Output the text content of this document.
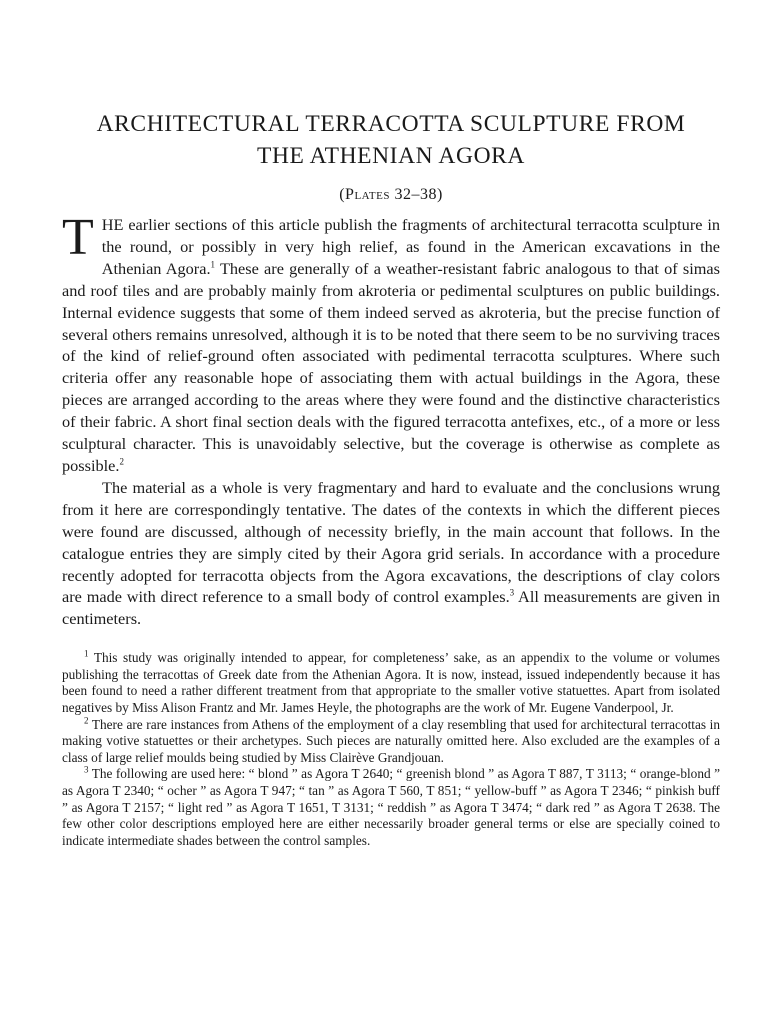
ARCHITECTURAL TERRACOTTA SCULPTURE FROM
THE ATHENIAN AGORA
(Plates 32–38)

THE earlier sections of this article publish the fragments of architectural terracotta sculpture in the round, or possibly in very high relief, as found in the American excavations in the Athenian Agora.$^1$ These are generally of a weather-resistant fabric analogous to that of simas and roof tiles and are probably mainly from akroteria or pedimental sculptures on public buildings. Internal evidence suggests that some of them indeed served as akroteria, but the precise function of several others remains unresolved, although it is to be noted that there seem to be no surviving traces of the kind of relief-ground often associated with pedimental terracotta sculptures. Where such criteria offer any reasonable hope of associating them with actual buildings in the Agora, these pieces are arranged according to the areas where they were found and the distinctive characteristics of their fabric. A short final section deals with the figured terracotta antefixes, etc., of a more or less sculptural character. This is unavoidably selective, but the coverage is otherwise as complete as possible.$^2$

The material as a whole is very fragmentary and hard to evaluate and the conclusions wrung from it here are correspondingly tentative. The dates of the contexts in which the different pieces were found are discussed, although of necessity briefly, in the main account that follows. In the catalogue entries they are simply cited by their Agora grid serials. In accordance with a procedure recently adopted for terracotta objects from the Agora excavations, the descriptions of clay colors are made with direct reference to a small body of control examples.$^3$ All measurements are given in centimeters.

$^1$ This study was originally intended to appear, for completeness’ sake, as an appendix to the volume or volumes publishing the terracottas of Greek date from the Athenian Agora. It is now, instead, issued independently because it has been found to need a rather different treatment from that appropriate to the smaller votive statuettes. Apart from isolated negatives by Miss Alison Frantz and Mr. James Heyle, the photographs are the work of Mr. Eugene Vanderpool, Jr.

$^2$ There are rare instances from Athens of the employment of a clay resembling that used for architectural terracottas in making votive statuettes or their archetypes. Such pieces are naturally omitted here. Also excluded are the examples of a class of large relief moulds being studied by Miss Clairève Grandjouan.

$^3$ The following are used here: “ blond ” as Agora T 2640; “ greenish blond ” as Agora T 887, T 3113; “ orange-blond ” as Agora T 2340; “ ocher ” as Agora T 947; “ tan ” as Agora T 560, T 851; “ yellow-buff ” as Agora T 2346; “ pinkish buff ” as Agora T 2157; “ light red ” as Agora T 1651, T 3131; “ reddish ” as Agora T 3474; “ dark red ” as Agora T 2638. The few other color descriptions employed here are either necessarily broader general terms or else are specially coined to indicate intermediate shades between the control samples.
